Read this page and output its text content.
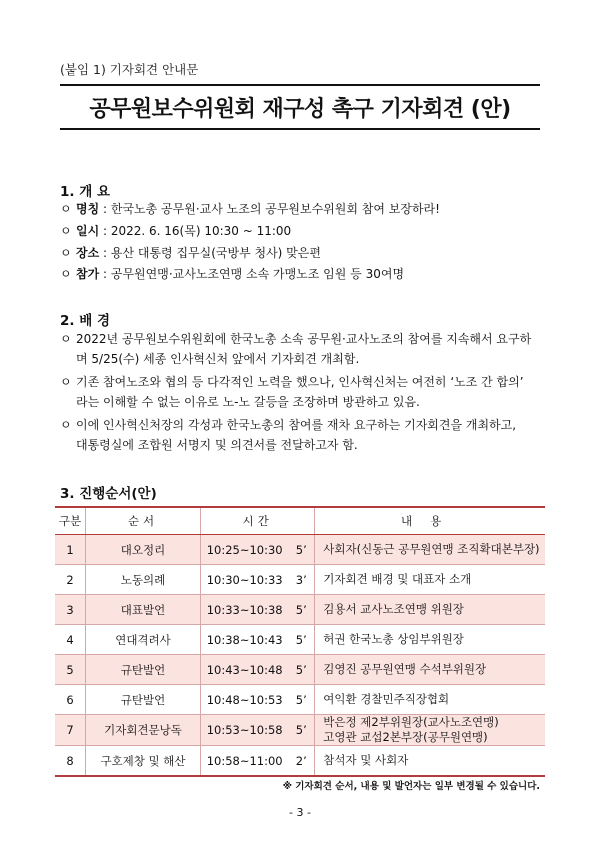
(붙임 1) 기자회견 안내문
공무원보수위원회 재구성 촉구 기자회견 (안)
1. 개 요
ㅇ 명칭 : 한국노총 공무원·교사 노조의 공무원보수위원회 참여 보장하라!
ㅇ 일시 : 2022. 6. 16(목) 10:30 ~ 11:00
ㅇ 장소 : 용산 대통령 집무실(국방부 청사) 맞은편
ㅇ 참가 : 공무원연맹·교사노조연맹 소속 가맹노조 임원 등 30여명
2. 배 경
ㅇ 2022년 공무원보수위원회에 한국노총 소속 공무원·교사노조의 참여를 지속해서 요구하
며 5/25(수) 세종 인사혁신처 앞에서 기자회견 개최함.
ㅇ 기존 참여노조와 협의 등 다각적인 노력을 했으나, 인사혁신처는 여전히 ‘노조 간 합의’
라는 이해할 수 없는 이유로 노-노 갈등을 조장하며 방관하고 있음.
ㅇ 이에 인사혁신처장의 각성과 한국노총의 참여를 재차 요구하는 기자회견을 개최하고,
대통령실에 조합원 서명지 및 의견서를 전달하고자 함.
3. 진행순서(안)
구분	순서	시간		내용
1	대오정리	10:25~10:30	5’	사회자(신동근 공무원연맹 조직확대본부장)

2	노동의례	10:30~10:33	3’	기자회견 배경 및 대표자 소개

3	대표발언	10:33~10:38	5’	김용서 교사노조연맹 위원장

4	연대격려사	10:38~10:43	5’	허권 한국노총 상임부위원장

5	규탄발언	10:43~10:48	5’	김영진 공무원연맹 수석부위원장

6	규탄발언	10:48~10:53	5’	여익환 경찰민주직장협회

7	기자회견문낭독	10:53~10:58	5’	박은정 제2부위원장(교사노조연맹)
고영관 교섭2본부장(공무원연맹)

8	구호제창 및 해산	10:58~11:00	2’	참석자 및 사회자
※ 기자회견 순서, 내용 및 발언자는 일부 변경될 수 있습니다.
- 3 -
